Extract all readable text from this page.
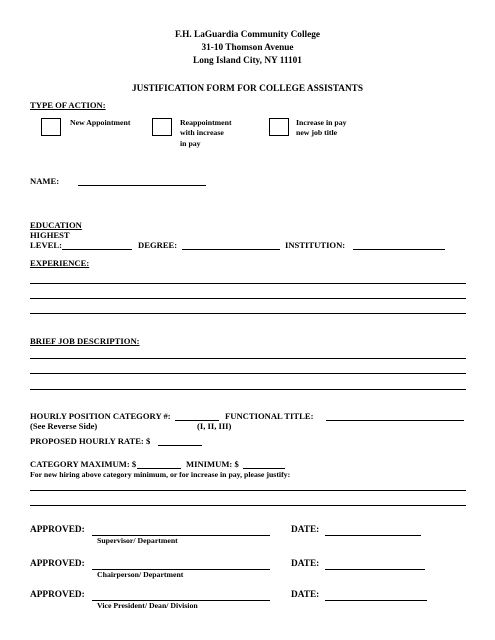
F.H. LaGuardia Community College
31-10 Thomson Avenue
Long Island City, NY 11101
JUSTIFICATION FORM FOR COLLEGE ASSISTANTS
TYPE OF ACTION:
New Appointment	Reappointment
with increase
in pay
Increase in pay
new job title
NAME:
EDUCATION
HIGHEST
LEVEL:	DEGREE:	INSTITUTION:
EXPERIENCE:
BRIEF JOB DESCRIPTION:
HOURLY POSITION CATEGORY #:	FUNCTIONAL TITLE:
(See Reverse Side)	(I, II, III)
PROPOSED HOURLY RATE: $
CATEGORY MAXIMUM: $	MINIMUM: $
For new hiring above category minimum, or for increase in pay, please justify:
APPROVED:
Supervisor/ Department
DATE:
APPROVED:
Chairperson/ Department
DATE:
APPROVED:
Vice President/ Dean/ Division
DATE:
